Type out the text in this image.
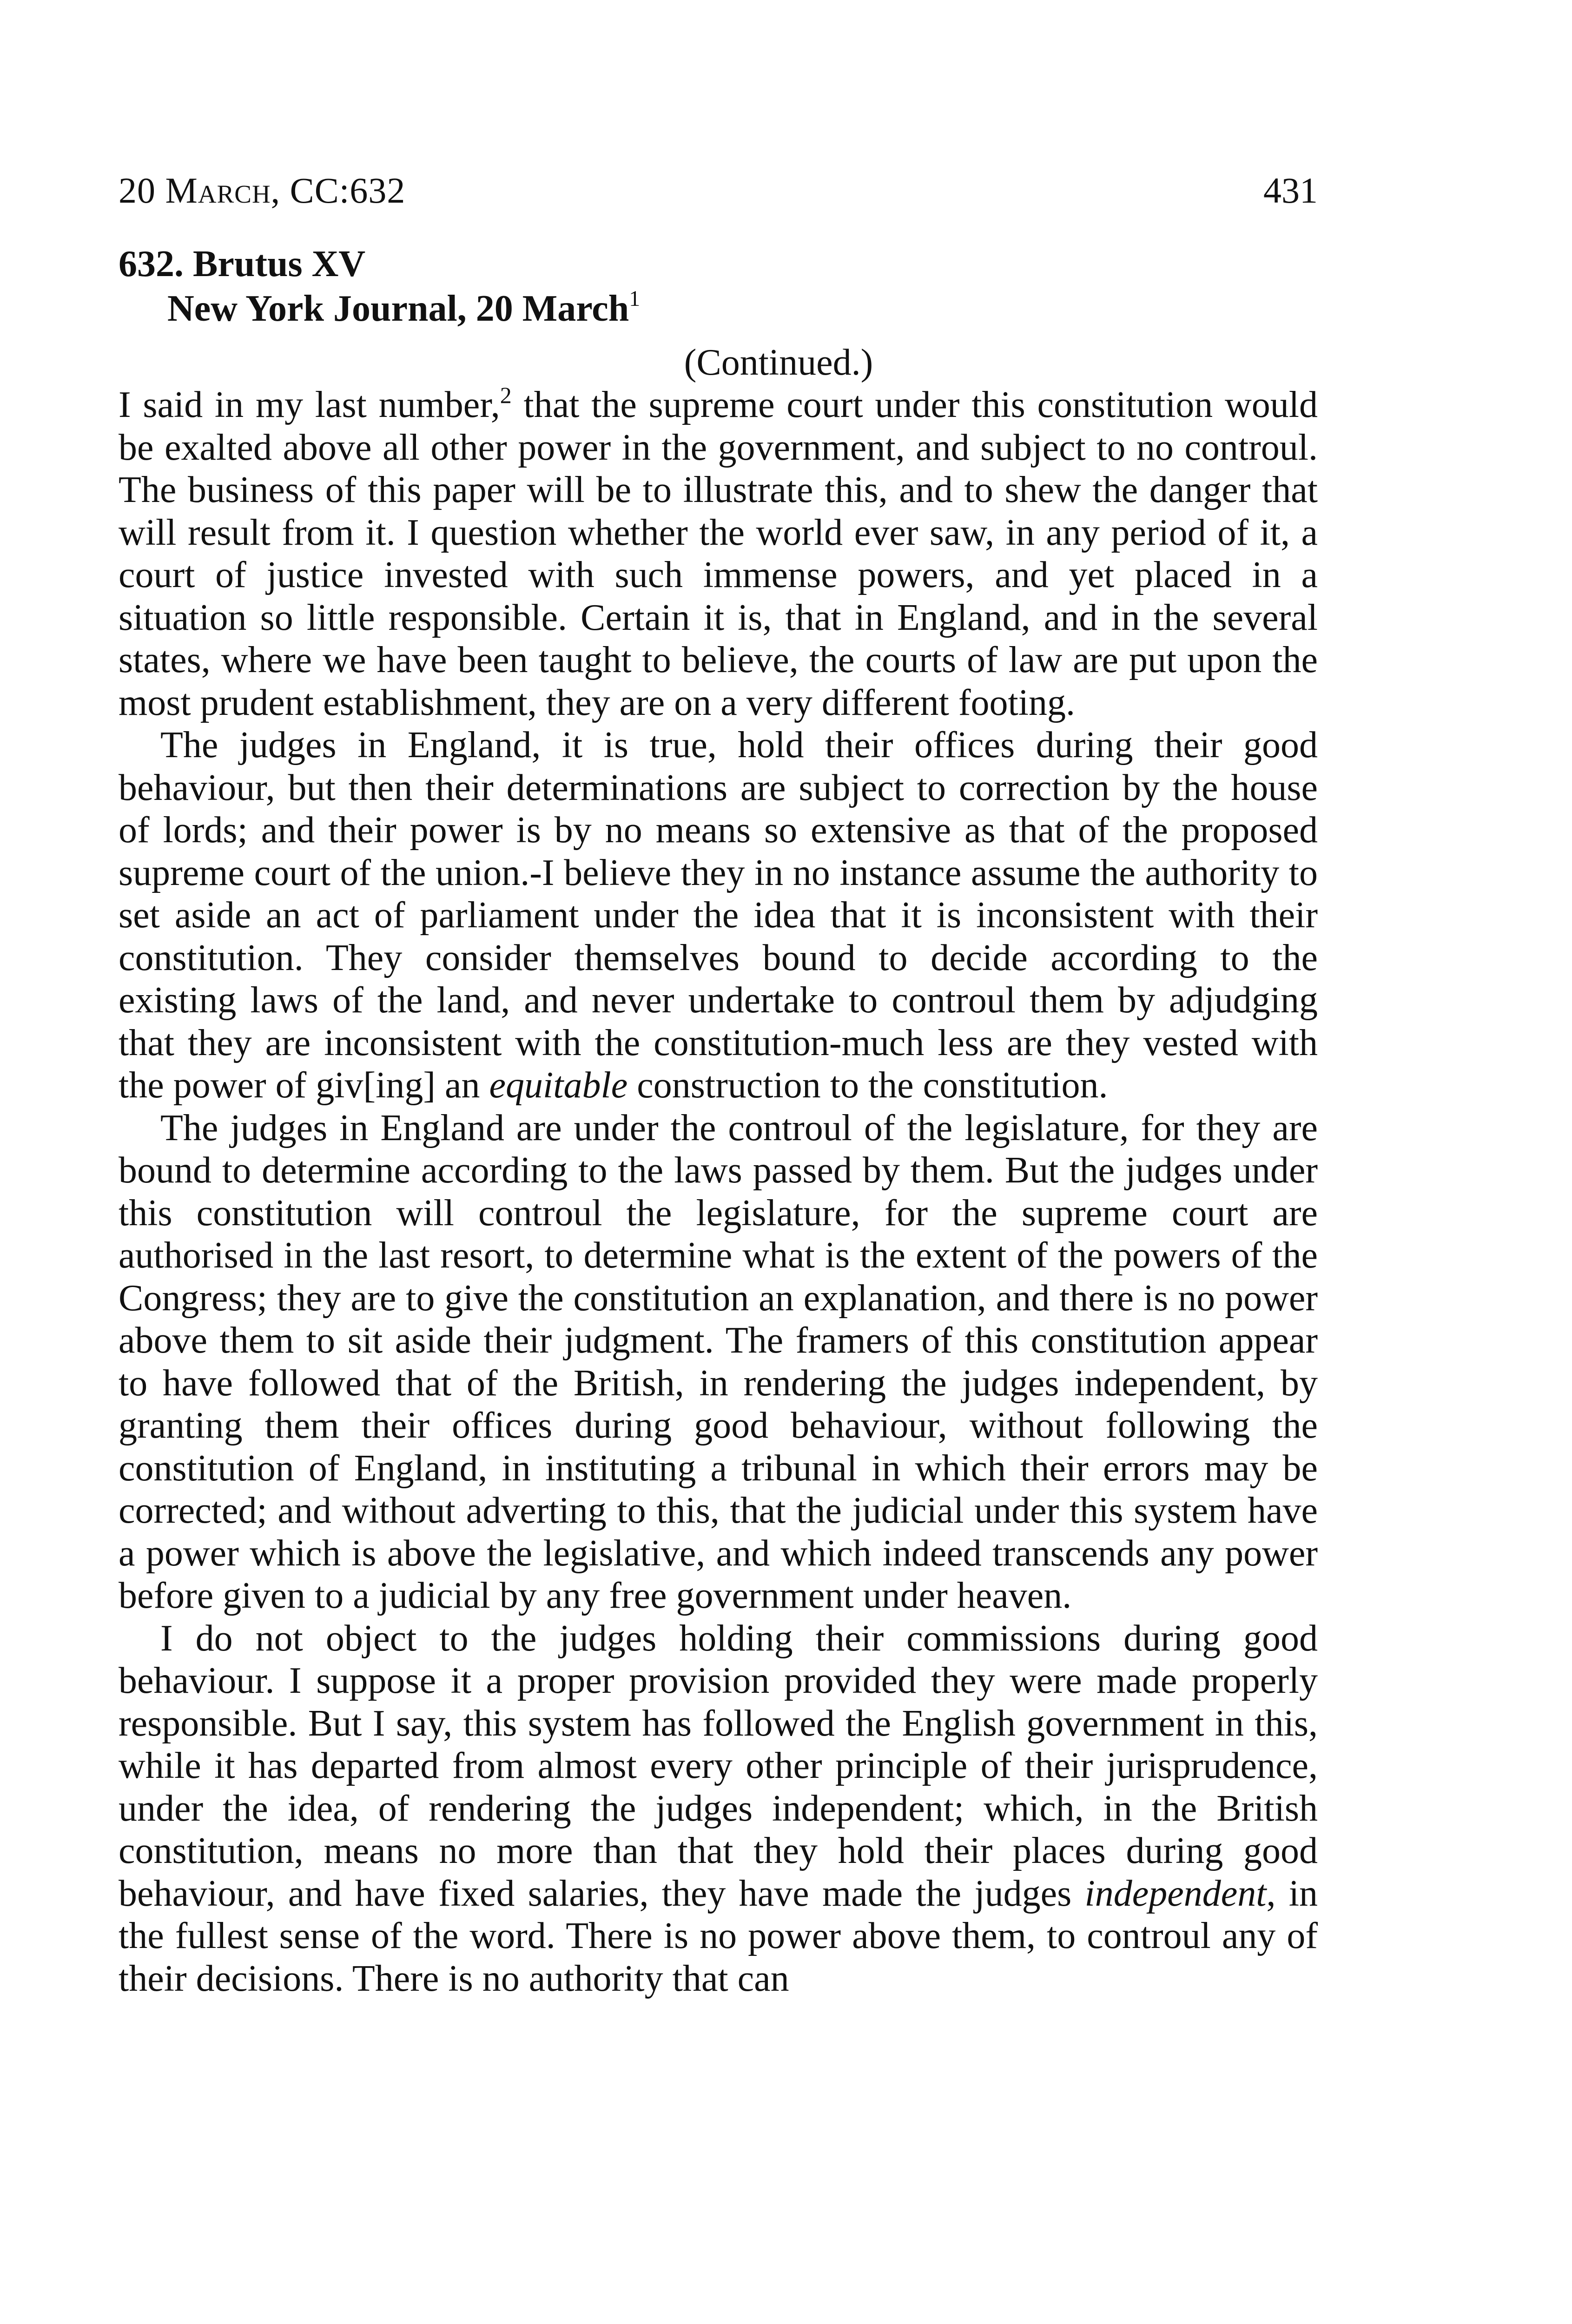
20 March, CC:632	431
632. Brutus XV
New York Journal, 20 March$^1$
(Continued.)

I said in my last number,$^2$ that the supreme court under this constitution would be exalted above all other power in the government, and subject to no controul. The business of this paper will be to illustrate this, and to shew the danger that will result from it. I question whether the world ever saw, in any period of it, a court of justice invested with such immense powers, and yet placed in a situation so little responsible. Certain it is, that in England, and in the several states, where we have been taught to believe, the courts of law are put upon the most prudent establishment, they are on a very different footing.

The judges in England, it is true, hold their offices during their good behaviour, but then their determinations are subject to correction by the house of lords; and their power is by no means so extensive as that of the proposed supreme court of the union.-I believe they in no instance assume the authority to set aside an act of parliament under the idea that it is inconsistent with their constitution. They consider themselves bound to decide according to the existing laws of the land, and never undertake to controul them by adjudging that they are inconsistent with the constitution-much less are they vested with the power of giv[ing] an equitable construction to the constitution.

The judges in England are under the controul of the legislature, for they are bound to determine according to the laws passed by them. But the judges under this constitution will controul the legislature, for the supreme court are authorised in the last resort, to determine what is the extent of the powers of the Congress; they are to give the constitution an explanation, and there is no power above them to sit aside their judgment. The framers of this constitution appear to have followed that of the British, in rendering the judges independent, by granting them their offices during good behaviour, without following the constitution of England, in instituting a tribunal in which their errors may be corrected; and without adverting to this, that the judicial under this system have a power which is above the legislative, and which indeed transcends any power before given to a judicial by any free government under heaven.

I do not object to the judges holding their commissions during good behaviour. I suppose it a proper provision provided they were made properly responsible. But I say, this system has followed the English government in this, while it has departed from almost every other principle of their jurisprudence, under the idea, of rendering the judges independent; which, in the British constitution, means no more than that they hold their places during good behaviour, and have fixed salaries, they have made the judges independent, in the fullest sense of the word. There is no power above them, to controul any of their decisions. There is no authority that can
